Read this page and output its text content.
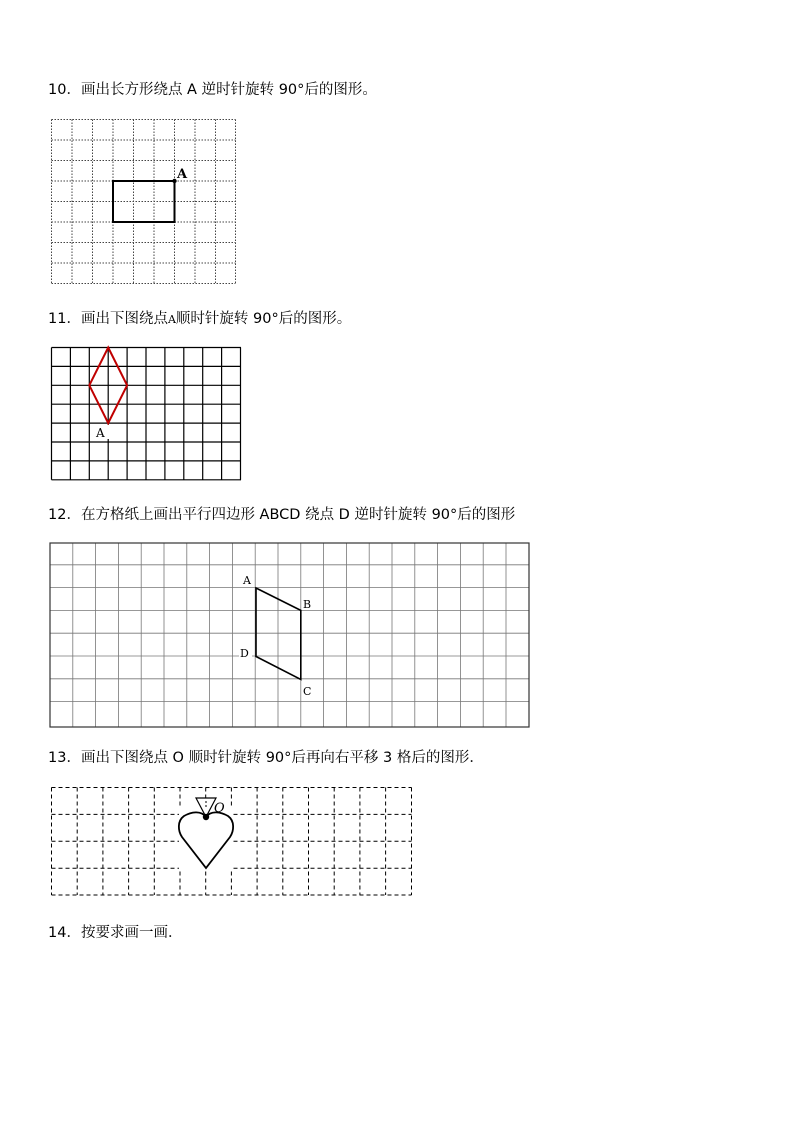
10．画出长方形绕点 A 逆时针旋转 90°后的图形。
A
11．画出下图绕点A顺时针旋转 90°后的图形。
A
12．在方格纸上画出平行四边形 ABCD 绕点 D 逆时针旋转 90°后的图形
A
B
C
D
13．画出下图绕点 O 顺时针旋转 90°后再向右平移 3 格后的图形．
O
14．按要求画一画．
